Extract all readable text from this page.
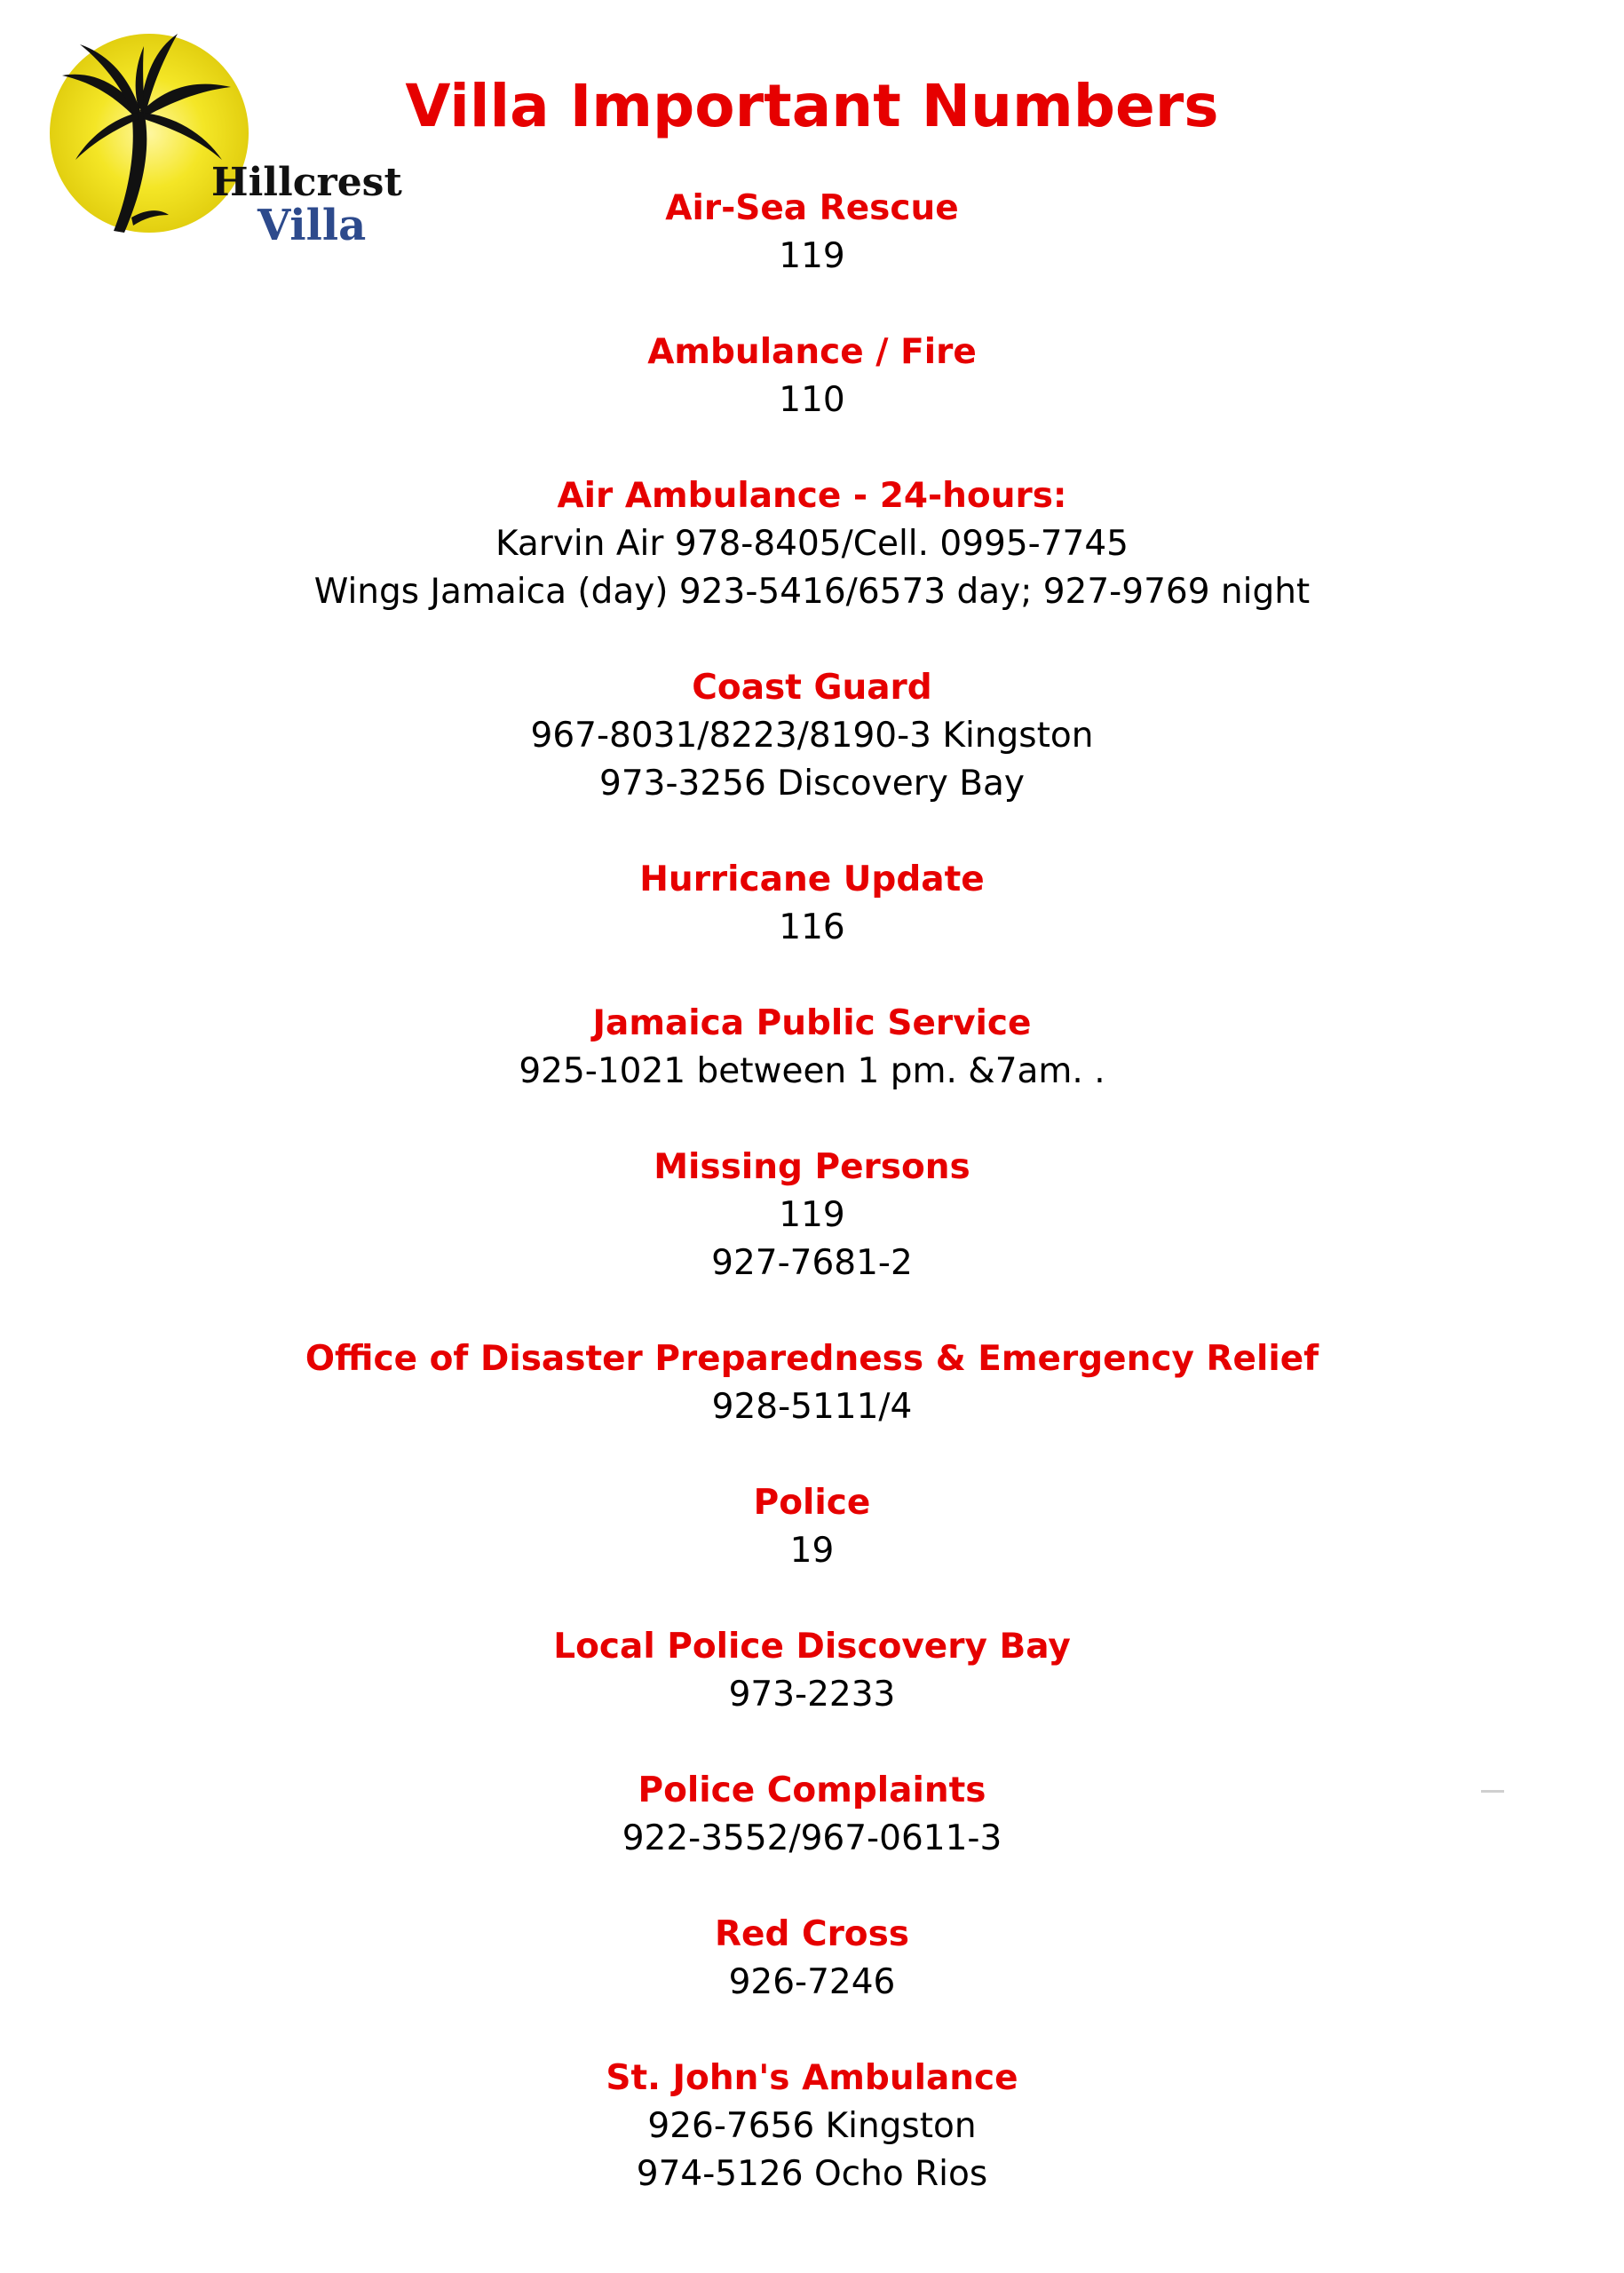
Hillcrest
Villa
Villa Important Numbers
Air-Sea Rescue
119
Ambulance / Fire
110
Air Ambulance - 24-hours:
Karvin Air 978-8405/Cell. 0995-7745
Wings Jamaica (day) 923-5416/6573 day; 927-9769 night
Coast Guard
967-8031/8223/8190-3 Kingston
973-3256 Discovery Bay
Hurricane Update
116
Jamaica Public Service
925-1021 between 1 pm. &7am. .
Missing Persons
119
927-7681-2
Office of Disaster Preparedness & Emergency Relief
928-5111/4
Police
19
Local Police Discovery Bay
973-2233
Police Complaints
922-3552/967-0611-3
Red Cross
926-7246
St. John's Ambulance
926-7656 Kingston
974-5126 Ocho Rios
